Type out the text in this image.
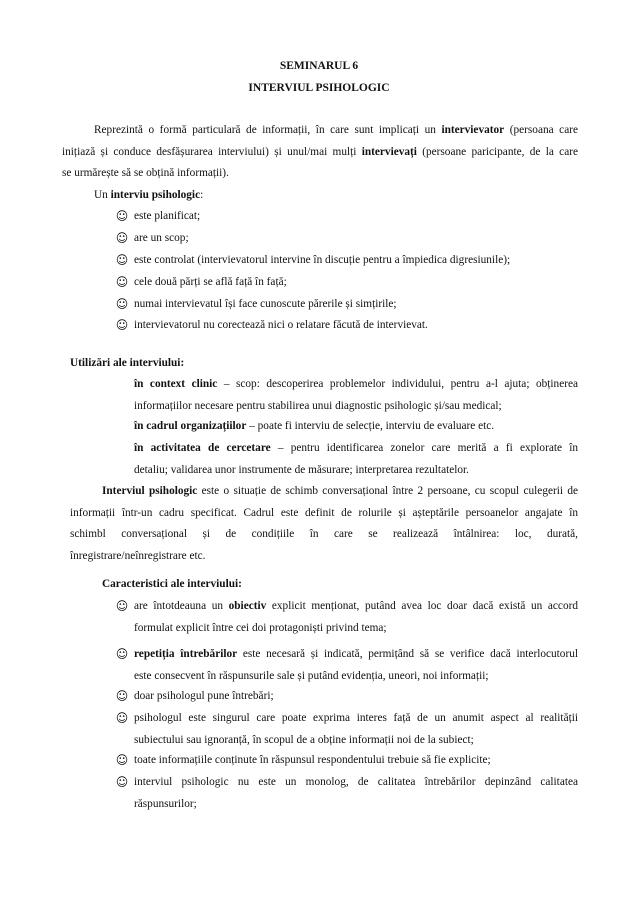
SEMINARUL 6
INTERVIUL PSIHOLOGIC
Reprezintă o formă particulară de informații, în care sunt implicați un intervievator (persoana care
inițiază și conduce desfășurarea interviului) și unul/mai mulți intervievați (persoane paricipante, de la care
se urmărește să se obțină informații).
Un interviu psihologic:
☺ este planificat;
☺ are un scop;
☺ este controlat (intervievatorul intervine în discuție pentru a împiedica digresiunile);
☺ cele două părți se află față în față;
☺ numai intervievatul își face cunoscute părerile și simțirile;
☺ intervievatorul nu corectează nici o relatare făcută de intervievat.
Utilizări ale interviului:
în context clinic – scop: descoperirea problemelor individului, pentru a-l ajuta; obținerea
informațiilor necesare pentru stabilirea unui diagnostic psihologic și/sau medical;
în cadrul organizațiilor – poate fi interviu de selecție, interviu de evaluare etc.
în activitatea de cercetare – pentru identificarea zonelor care merită a fi explorate în
detaliu; validarea unor instrumente de măsurare; interpretarea rezultatelor.
Interviul psihologic este o situație de schimb conversațional între 2 persoane, cu scopul culegerii de
informații într-un cadru specificat. Cadrul este definit de rolurile și așteptările persoanelor angajate în
schimbl conversațional și de condițiile în care se realizează întâlnirea: loc, durată,
înregistrare/neînregistrare etc.
Caracteristici ale interviului:
☺ are întotdeauna un obiectiv explicit menționat, putând avea loc doar dacă există un accord
formulat explicit între cei doi protagoniști privind tema;
☺ repetiția întrebărilor este necesară și indicată, permițând să se verifice dacă interlocutorul
este consecvent în răspunsurile sale și putând evidenția, uneori, noi informații;
☺ doar psihologul pune întrebări;
☺ psihologul este singurul care poate exprima interes față de un anumit aspect al realității
subiectului sau ignoranță, în scopul de a obține informații noi de la subiect;
☺ toate informațiile conținute în răspunsul respondentului trebuie să fie explicite;
☺ interviul psihologic nu este un monolog, de calitatea întrebărilor depinzând calitatea
răspunsurilor;
